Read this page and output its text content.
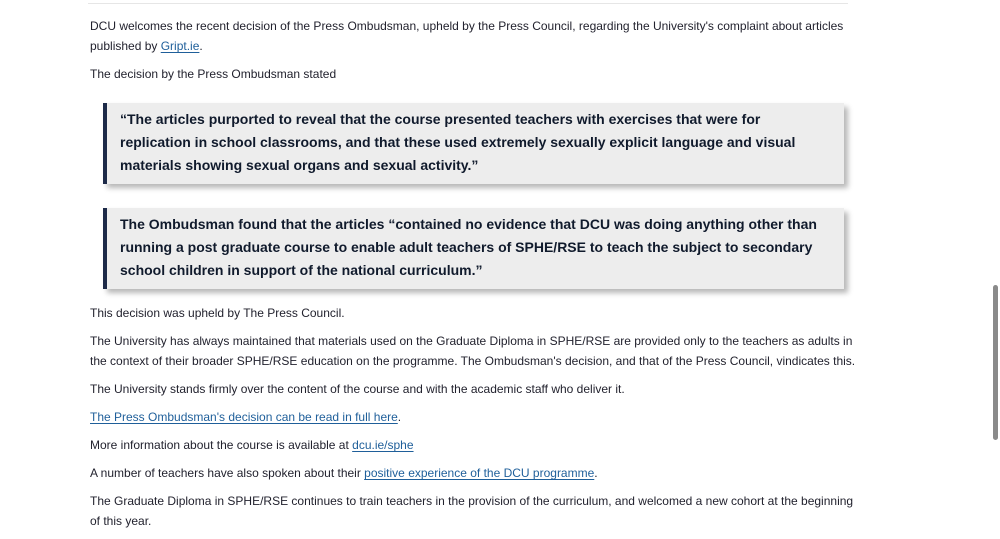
DCU welcomes the recent decision of the Press Ombudsman, upheld by the Press Council, regarding the University's complaint about articles published by Gript.ie.

The decision by the Press Ombudsman stated

“The articles purported to reveal that the course presented teachers with exercises that were for replication in school classrooms, and that these used extremely sexually explicit language and visual materials showing sexual organs and sexual activity.”

The Ombudsman found that the articles “contained no evidence that DCU was doing anything other than running a post graduate course to enable adult teachers of SPHE/RSE to teach the subject to secondary school children in support of the national curriculum.”

This decision was upheld by The Press Council.

The University has always maintained that materials used on the Graduate Diploma in SPHE/RSE are provided only to the teachers as adults in the context of their broader SPHE/RSE education on the programme. The Ombudsman's decision, and that of the Press Council, vindicates this.

The University stands firmly over the content of the course and with the academic staff who deliver it.

The Press Ombudsman's decision can be read in full here.

More information about the course is available at dcu.ie/sphe

A number of teachers have also spoken about their positive experience of the DCU programme.

The Graduate Diploma in SPHE/RSE continues to train teachers in the provision of the curriculum, and welcomed a new cohort at the beginning of this year.
